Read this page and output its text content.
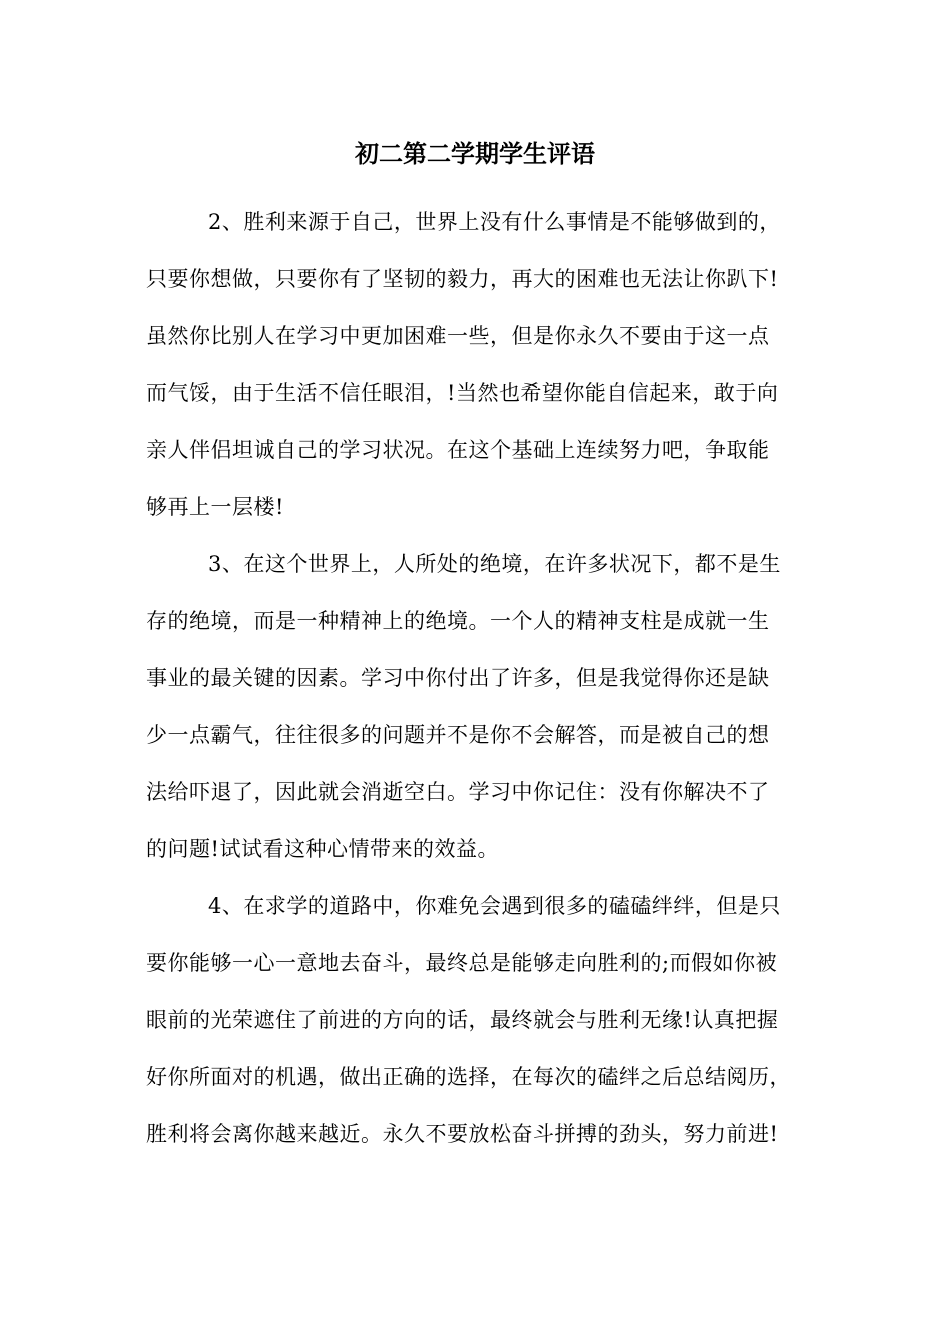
初二第二学期学生评语
2、胜利来源于自己，世界上没有什么事情是不能够做到的，
只要你想做，只要你有了坚韧的毅力，再大的困难也无法让你趴下!
虽然你比别人在学习中更加困难一些，但是你永久不要由于这一点
而气馁，由于生活不信任眼泪，!当然也希望你能自信起来，敢于向
亲人伴侣坦诚自己的学习状况。在这个基础上连续努力吧，争取能
够再上一层楼!
3、在这个世界上，人所处的绝境，在许多状况下，都不是生
存的绝境，而是一种精神上的绝境。一个人的精神支柱是成就一生
事业的最关键的因素。学习中你付出了许多，但是我觉得你还是缺
少一点霸气，往往很多的问题并不是你不会解答，而是被自己的想
法给吓退了，因此就会消逝空白。学习中你记住：没有你解决不了
的问题!试试看这种心情带来的效益。
4、在求学的道路中，你难免会遇到很多的磕磕绊绊，但是只
要你能够一心一意地去奋斗，最终总是能够走向胜利的;而假如你被
眼前的光荣遮住了前进的方向的话，最终就会与胜利无缘!认真把握
好你所面对的机遇，做出正确的选择，在每次的磕绊之后总结阅历，
胜利将会离你越来越近。永久不要放松奋斗拼搏的劲头，努力前进!
